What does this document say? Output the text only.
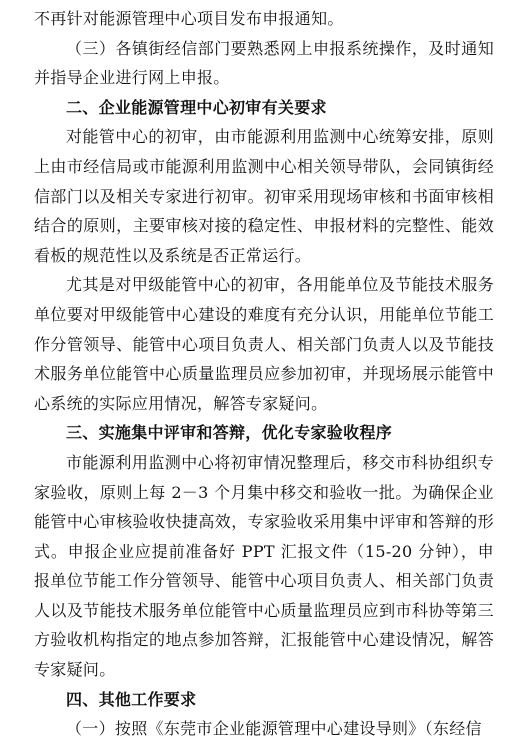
不再针对能源管理中心项目发布申报通知。

（三）各镇街经信部门要熟悉网上申报系统操作，及时通知并指导企业进行网上申报。

二、企业能源管理中心初审有关要求

对能管中心的初审，由市能源利用监测中心统筹安排，原则上由市经信局或市能源利用监测中心相关领导带队，会同镇街经信部门以及相关专家进行初审。初审采用现场审核和书面审核相结合的原则，主要审核对接的稳定性、申报材料的完整性、能效看板的规范性以及系统是否正常运行。

尤其是对甲级能管中心的初审，各用能单位及节能技术服务单位要对甲级能管中心建设的难度有充分认识，用能单位节能工作分管领导、能管中心项目负责人、相关部门负责人以及节能技术服务单位能管中心质量监理员应参加初审，并现场展示能管中心系统的实际应用情况，解答专家疑问。

三、实施集中评审和答辩，优化专家验收程序

市能源利用监测中心将初审情况整理后，移交市科协组织专家验收，原则上每 2－3 个月集中移交和验收一批。为确保企业能管中心审核验收快捷高效，专家验收采用集中评审和答辩的形式。申报企业应提前准备好 PPT 汇报文件（15-20 分钟），申报单位节能工作分管领导、能管中心项目负责人、相关部门负责人以及节能技术服务单位能管中心质量监理员应到市科协等第三方验收机构指定的地点参加答辩，汇报能管中心建设情况，解答专家疑问。

四、其他工作要求

（一）按照《东莞市企业能源管理中心建设导则》（东经信
